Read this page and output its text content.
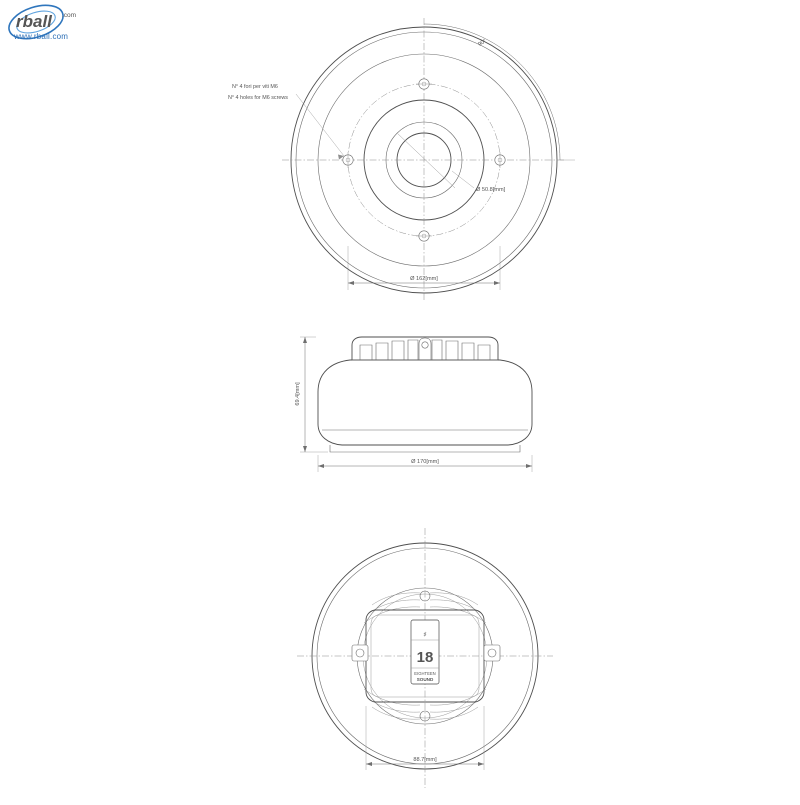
rball .com
www.rball.com
90°
Ø 50.8[mm]
Ø 162[mm]
N° 4 fori per viti M6
N° 4 holes for M6 screws
69.4[mm]
Ø 170[mm]
♯
18
EIGHTEEN
SOUND
88.7[mm]
